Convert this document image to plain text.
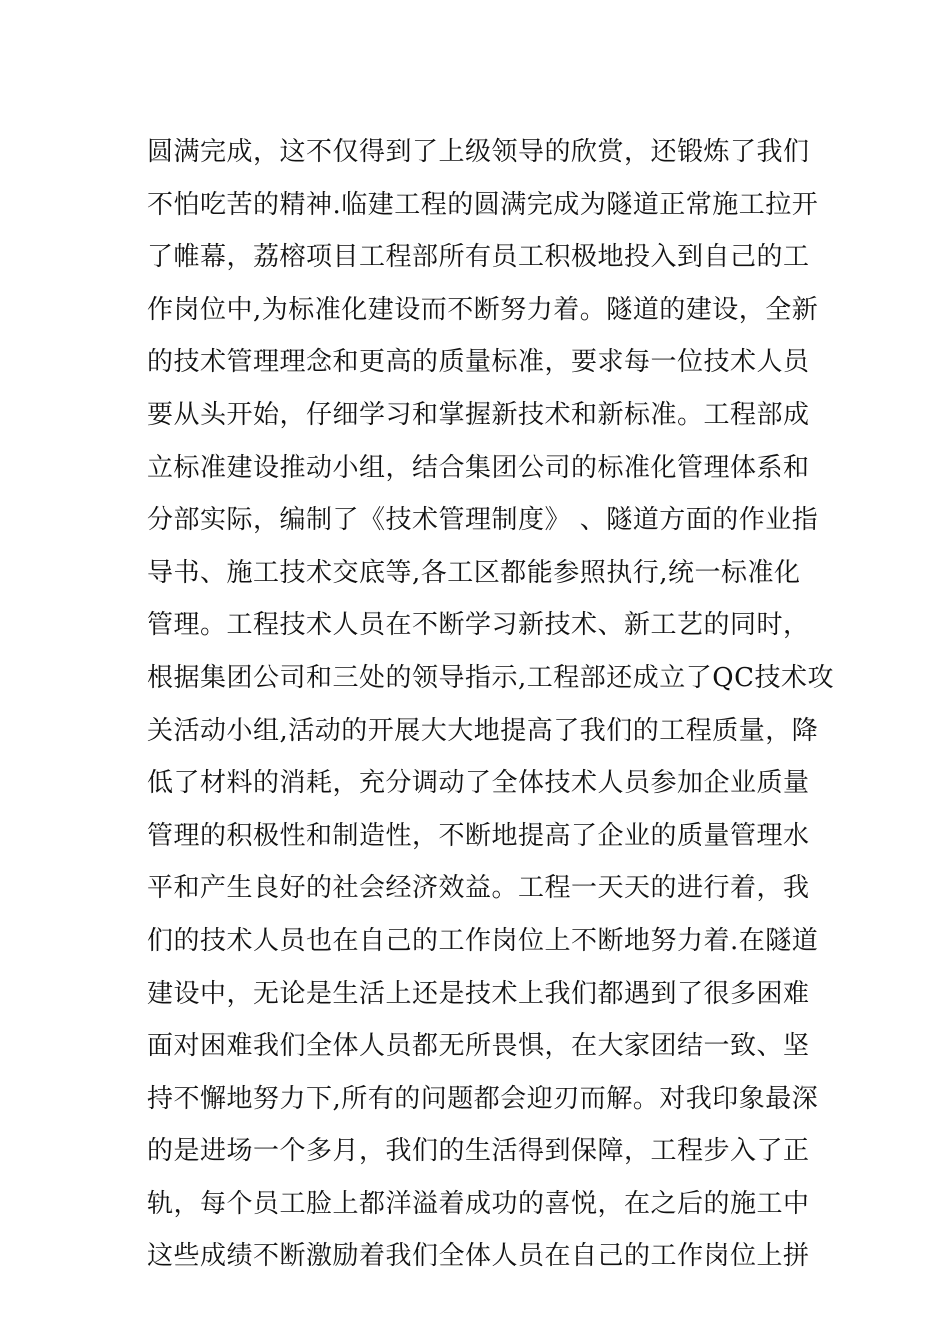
圆满完成，这不仅得到了上级领导的欣赏，还锻炼了我们
不怕吃苦的精神.临建工程的圆满完成为隧道正常施工拉开
了帷幕，荔榕项目工程部所有员工积极地投入到自己的工
作岗位中,为标准化建设而不断努力着。隧道的建设，全新
的技术管理理念和更高的质量标准，要求每一位技术人员
要从头开始，仔细学习和掌握新技术和新标准。工程部成
立标准建设推动小组，结合集团公司的标准化管理体系和
分部实际，编制了《技术管理制度》 、隧道方面的作业指
导书、施工技术交底等,各工区都能参照执行,统一标准化
管理。工程技术人员在不断学习新技术、新工艺的同时，
根据集团公司和三处的领导指示,工程部还成立了QC技术攻
关活动小组,活动的开展大大地提高了我们的工程质量，降
低了材料的消耗，充分调动了全体技术人员参加企业质量
管理的积极性和制造性，不断地提高了企业的质量管理水
平和产生良好的社会经济效益。工程一天天的进行着，我
们的技术人员也在自己的工作岗位上不断地努力着.在隧道
建设中，无论是生活上还是技术上我们都遇到了很多困难
面对困难我们全体人员都无所畏惧，在大家团结一致、坚
持不懈地努力下,所有的问题都会迎刃而解。对我印象最深
的是进场一个多月，我们的生活得到保障，工程步入了正
轨，每个员工脸上都洋溢着成功的喜悦，在之后的施工中
这些成绩不断激励着我们全体人员在自己的工作岗位上拼
